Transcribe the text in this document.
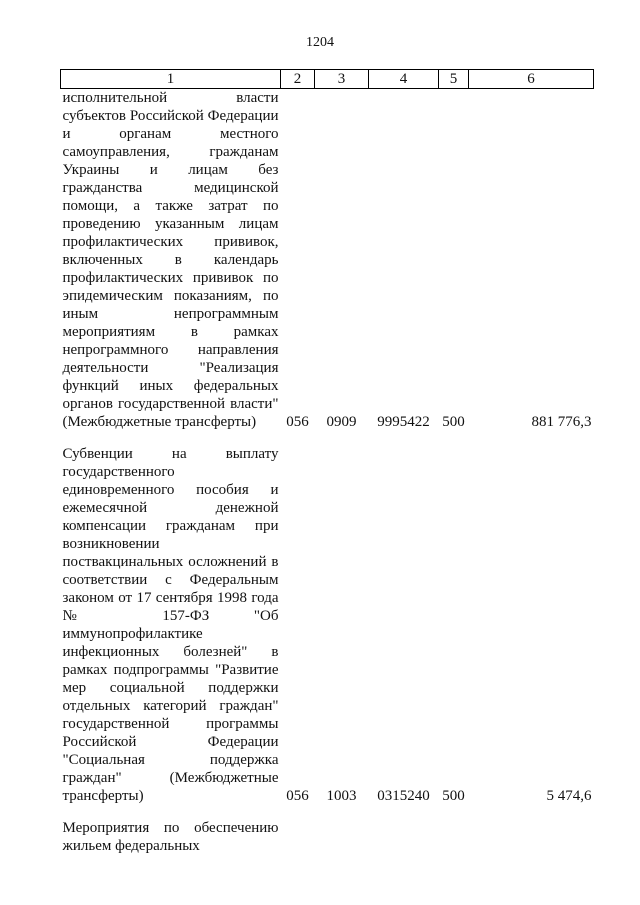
1204
1	2	3	4	5	6
исполнительной власти субъектов Российской Федерации и органам местного самоуправления, гражданам Украины и лицам без гражданства медицинской помощи, а также затрат по проведению указанным лицам профилактических прививок, включенных в календарь профилактических прививок по эпидемическим показаниям, по иным непрограммным мероприятиям в рамках непрограммного направления деятельности "Реализация функций иных федеральных органов государственной власти" (Межбюджетные трансферты)	056	0909	9995422	500	881 776,3

Субвенции на выплату государственного единовременного пособия и ежемесячной денежной компенсации гражданам при возникновении поствакцинальных осложнений в соответствии с Федеральным законом от 17 сентября 1998 года № 157-ФЗ "Об иммунопрофилактике инфекционных болезней" в рамках подпрограммы "Развитие мер социальной поддержки отдельных категорий граждан" государственной программы Российской Федерации "Социальная поддержка граждан" (Межбюджетные трансферты)	056	1003	0315240	500	5 474,6

Мероприятия по обеспечению жильем федеральных					
